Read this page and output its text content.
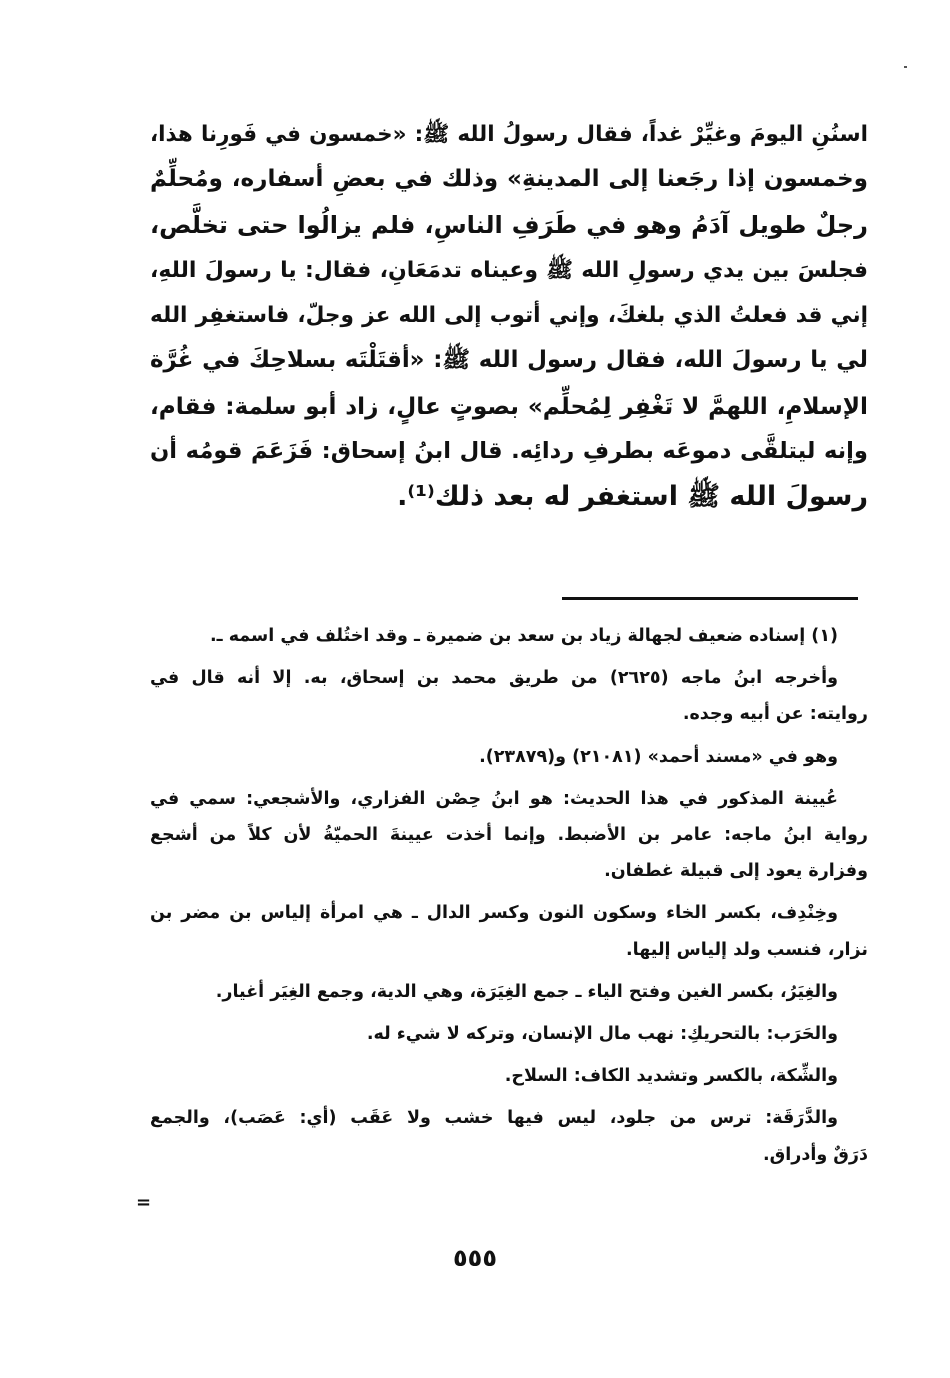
اسنُنِ اليومَ وغيِّرْ غداً، فقال رسولُ الله ﷺ: «خمسون في فَورِنا هذا،
وخمسون إذا رجَعنا إلى المدينةِ» وذلك في بعضِ أسفاره، ومُحلِّمٌ
رجلٌ طويل آدَمُ وهو في طَرَفِ الناسِ، فلم يزالُوا حتى تخلَّص،
فجلسَ بين يدي رسولِ الله ﷺ وعيناه تدمَعَانِ، فقال: يا رسولَ اللهِ،
إني قد فعلتُ الذي بلغكَ، وإني أتوب إلى الله عز وجلّ، فاستغفِر الله
لي يا رسولَ الله، فقال رسول الله ﷺ: «أقتَلْتَه بسلاحِكَ في غُرَّة
الإسلامِ، اللهمَّ لا تَغْفِر لِمُحلِّم» بصوتٍ عالٍ، زاد أبو سلمة: فقام،
وإنه ليتلقَّى دموعَه بطرفِ ردائِه. قال ابنُ إسحاق: فَزَعَمَ قومُه أن
رسولَ الله ﷺ استغفر له بعد ذلك⁽¹⁾.

(١) إسناده ضعيف لجهالة زياد بن سعد بن ضميرة ـ وقد اختُلف في اسمه ـ.

وأخرجه ابنُ ماجه (٢٦٢٥) من طريق محمد بن إسحاق، به. إلا أنه قال في
روايته: عن أبيه وجده.

وهو في «مسند أحمد» (٢١٠٨١) و(٢٣٨٧٩).

عُيينة المذكور في هذا الحديث: هو ابنُ حِصْن الفزاري، والأشجعي: سمي في
رواية ابنُ ماجه: عامر بن الأضبط. وإنما أخذت عيينةَ الحميّةُ لأن كلاً من أشجع
وفزارة يعود إلى قبيلة غطفان.

وخِنْدِف، بكسر الخاء وسكون النون وكسر الدال ـ هي امرأة إلياس بن مضر بن
نزار، فنسب ولد إلياس إليها.

والغِيَرُ، بكسر الغين وفتح الياء ـ جمع الغِيَرَة، وهي الدية، وجمع الغِيَر أغيار.

والحَرَب: بالتحريكِ: نهب مال الإنسان، وتركه لا شيء له.

والشِّكة، بالكسر وتشديد الكاف: السلاح.

والدَّرَقَة: ترس من جلود، ليس فيها خشب ولا عَقَب (أي: عَصَب)، والجمع
دَرَقٌ وأدراق.

=
٥٥٥
